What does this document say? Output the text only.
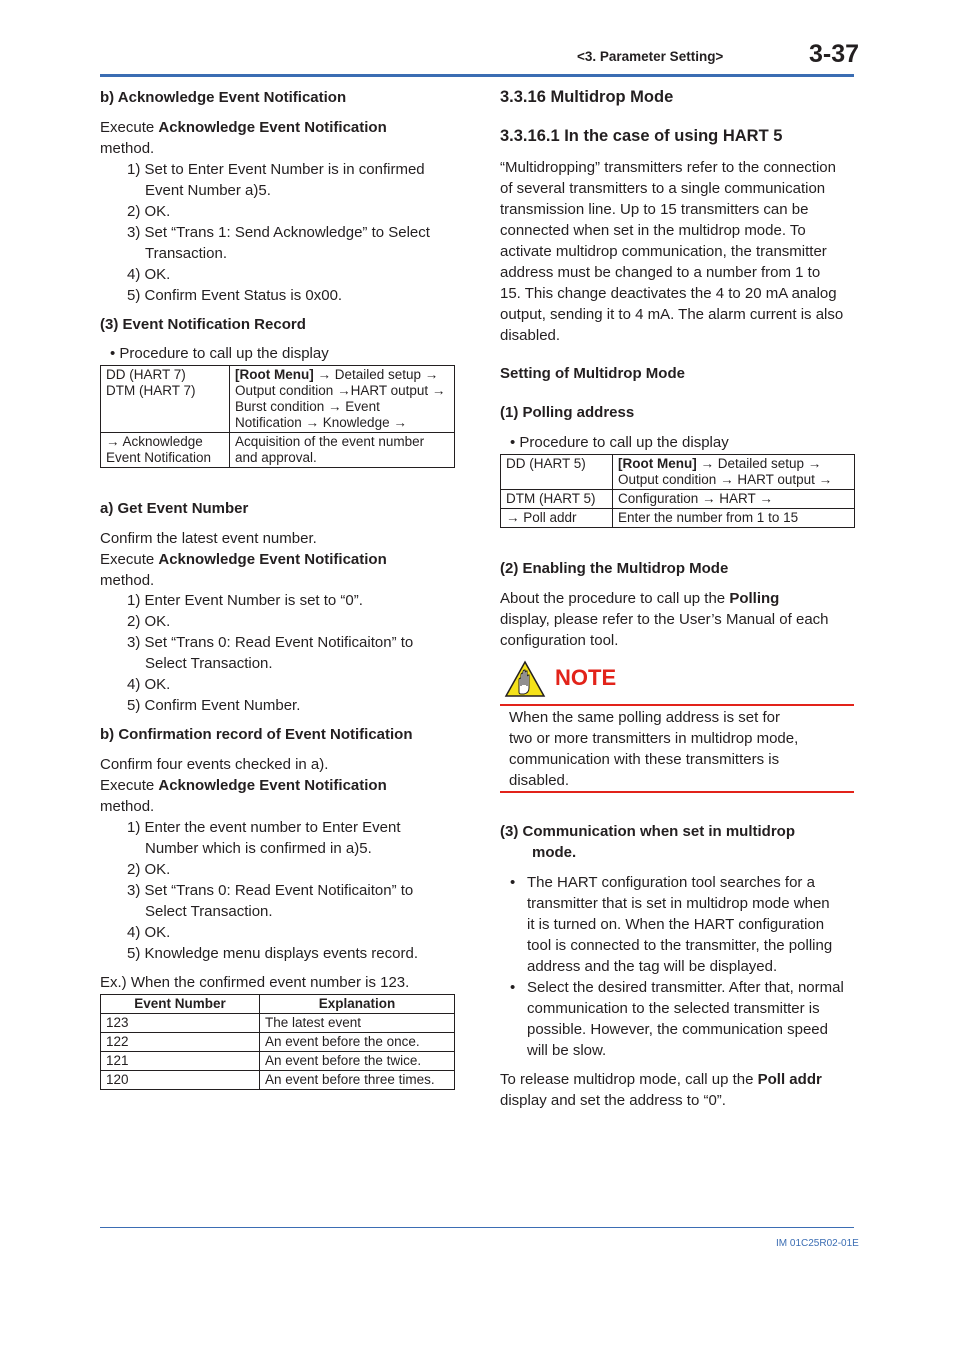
<3. Parameter Setting>	3-37
b) Acknowledge Event Notification
Execute Acknowledge Event Notification
method.
1) Set to Enter Event Number is in confirmed
Event Number a)5.
2) OK.
3) Set “Trans 1: Send Acknowledge” to Select
Transaction.
4) OK.
5) Confirm Event Status is 0x00.
(3) Event Notification Record
• Procedure to call up the display
DD (HART 7)
DTM (HART 7)	[Root Menu] → Detailed setup → Output condition →HART output → Burst condition → Event Notification → Knowledge →
→ Acknowledge Event Notification	Acquisition of the event number and approval.
a) Get Event Number
Confirm the latest event number.
Execute Acknowledge Event Notification
method.
1) Enter Event Number is set to “0”.
2) OK.
3) Set “Trans 0: Read Event Notificaiton” to
Select Transaction.
4) OK.
5) Confirm Event Number.
b) Confirmation record of Event Notification
Confirm four events checked in a).
Execute Acknowledge Event Notification
method.
1) Enter the event number to Enter Event
Number which is confirmed in a)5.
2) OK.
3) Set “Trans 0: Read Event Notificaiton” to
Select Transaction.
4) OK.
5) Knowledge menu displays events record.
Ex.) When the confirmed event number is 123.
Event Number	Explanation
123	The latest event
122	An event before the once.
121	An event before the twice.
120	An event before three times.
3.3.16 Multidrop Mode
3.3.16.1 In the case of using HART 5
“Multidropping” transmitters refer to the connection
of several transmitters to a single communication
transmission line. Up to 15 transmitters can be
connected when set in the multidrop mode. To
activate multidrop communication, the transmitter
address must be changed to a number from 1 to
15. This change deactivates the 4 to 20 mA analog
output, sending it to 4 mA. The alarm current is also
disabled.
Setting of Multidrop Mode
(1) Polling address
• Procedure to call up the display
DD (HART 5)	[Root Menu] → Detailed setup → Output condition → HART output →
DTM (HART 5)	Configuration → HART →
→ Poll addr	Enter the number from 1 to 15
(2) Enabling the Multidrop Mode
About the procedure to call up the Polling
display, please refer to the User’s Manual of each
configuration tool.
NOTE
When the same polling address is set for
two or more transmitters in multidrop mode,
communication with these transmitters is
disabled.
(3) Communication when set in multidrop
mode.
• The HART configuration tool searches for a
transmitter that is set in multidrop mode when
it is turned on. When the HART configuration
tool is connected to the transmitter, the polling
address and the tag will be displayed.
• Select the desired transmitter. After that, normal
communication to the selected transmitter is
possible. However, the communication speed
will be slow.
To release multidrop mode, call up the Poll addr
display and set the address to “0”.
IM 01C25R02-01E
